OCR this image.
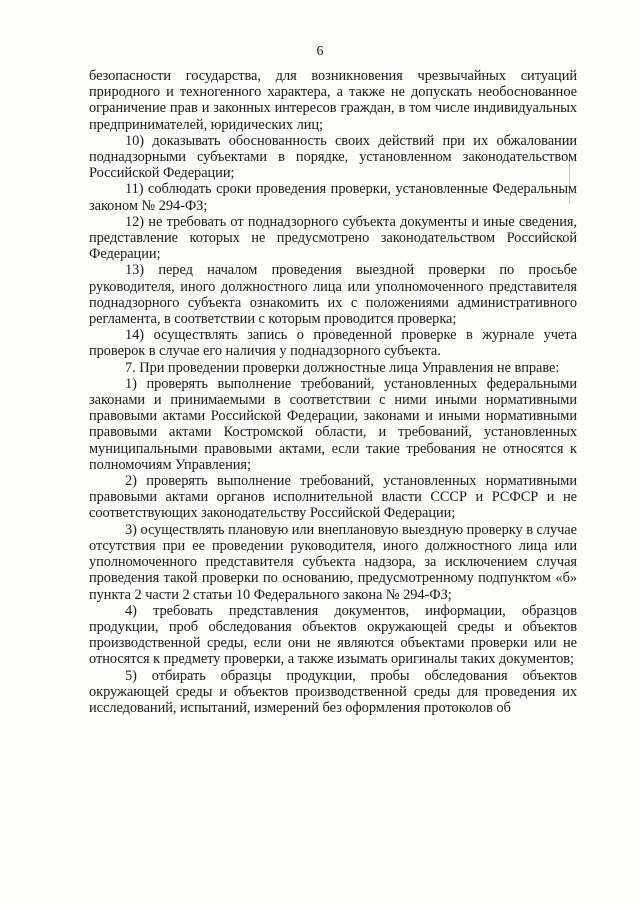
6

безопасности государства, для возникновения чрезвычайных ситуаций природного и техногенного характера, а также не допускать необоснованное ограничение прав и законных интересов граждан, в том числе индивидуальных предпринимателей, юридических лиц;

10) доказывать обоснованность своих действий при их обжаловании поднадзорными субъектами в порядке, установленном законодательством Российской Федерации;

11) соблюдать сроки проведения проверки, установленные Федеральным законом № 294-ФЗ;

12) не требовать от поднадзорного субъекта документы и иные сведения, представление которых не предусмотрено законодательством Российской Федерации;

13) перед началом проведения выездной проверки по просьбе руководителя, иного должностного лица или уполномоченного представителя поднадзорного субъекта ознакомить их с положениями административного регламента, в соответствии с которым проводится проверка;

14) осуществлять запись о проведенной проверке в журнале учета проверок в случае его наличия у поднадзорного субъекта.

7. При проведении проверки должностные лица Управления не вправе:

1) проверять выполнение требований, установленных федеральными законами и принимаемыми в соответствии с ними иными нормативными правовыми актами Российской Федерации, законами и иными нормативными правовыми актами Костромской области, и требований, установленных муниципальными правовыми актами, если такие требования не относятся к полномочиям Управления;

2) проверять выполнение требований, установленных нормативными правовыми актами органов исполнительной власти СССР и РСФСР и не соответствующих законодательству Российской Федерации;

3) осуществлять плановую или внеплановую выездную проверку в случае отсутствия при ее проведении руководителя, иного должностного лица или уполномоченного представителя субъекта надзора, за исключением случая проведения такой проверки по основанию, предусмотренному подпунктом «б» пункта 2 части 2 статьи 10 Федерального закона № 294-ФЗ;

4) требовать представления документов, информации, образцов продукции, проб обследования объектов окружающей среды и объектов производственной среды, если они не являются объектами проверки или не относятся к предмету проверки, а также изымать оригиналы таких документов;

5) отбирать образцы продукции, пробы обследования объектов окружающей среды и объектов производственной среды для проведения их исследований, испытаний, измерений без оформления протоколов об
